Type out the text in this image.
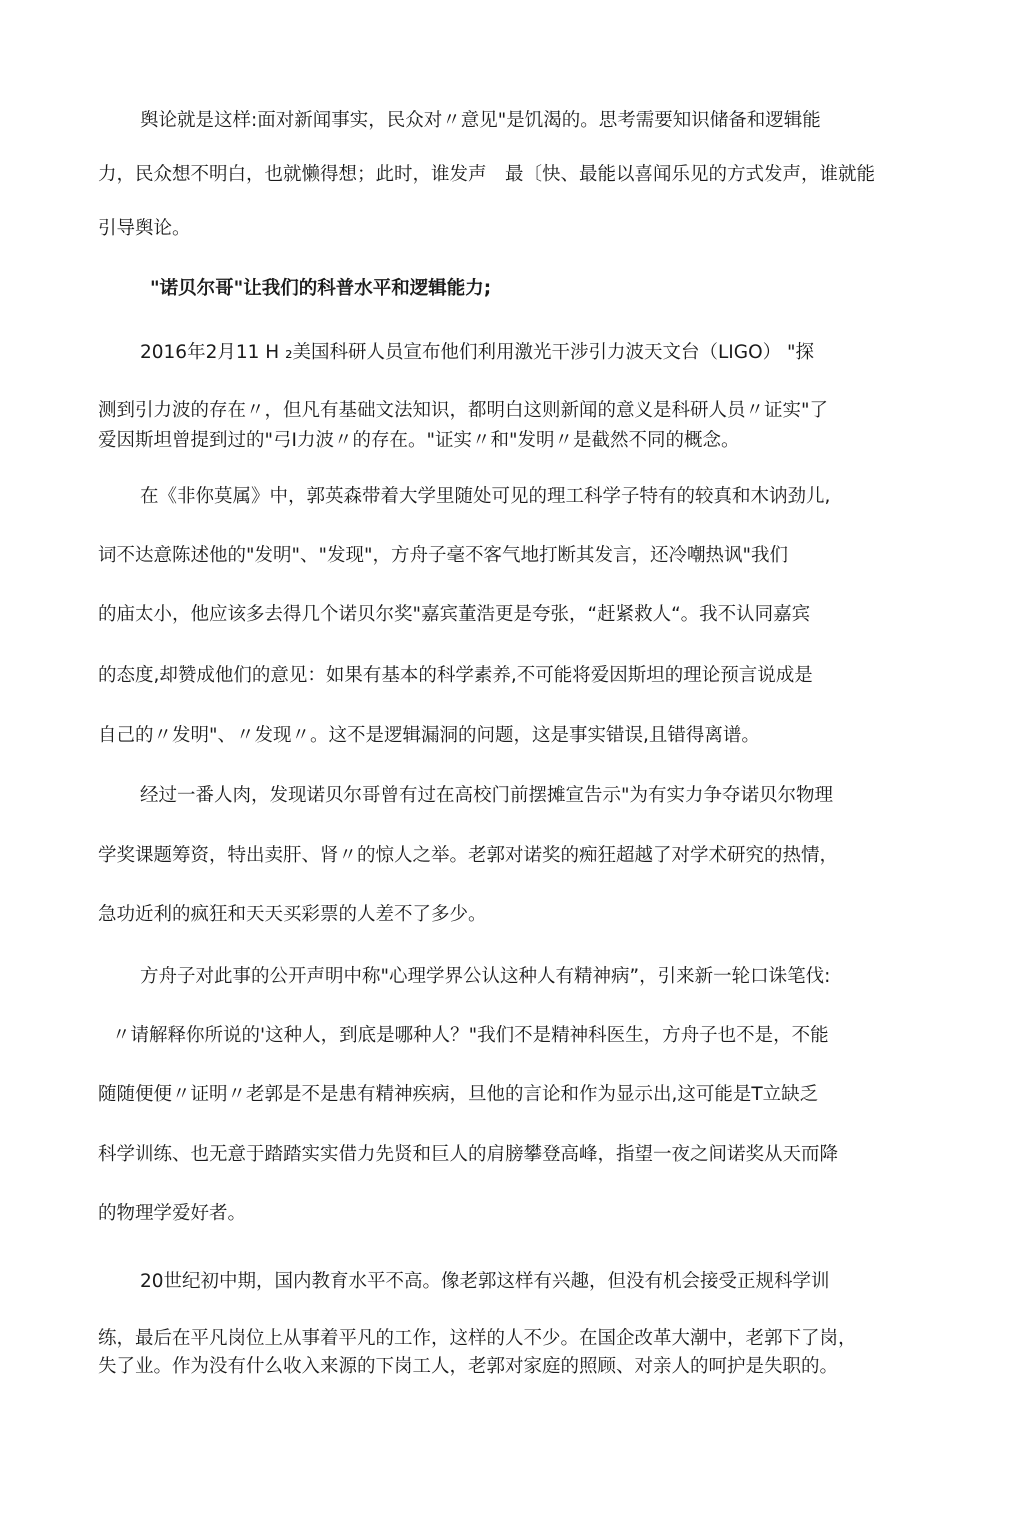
舆论就是这样:面对新闻事实，民众对〃意见"是饥渴的。思考需要知识储备和逻辑能
力，民众想不明白，也就懒得想；此时，谁发声　最〔快、最能以喜闻乐见的方式发声，谁就能
引导舆论。
"诺贝尔哥"让我们的科普水平和逻辑能力;
2016年2月11 H ₂美国科研人员宣布他们利用激光干涉引力波天文台（LIGO） "探
测到引力波的存在〃，但凡有基础文法知识，都明白这则新闻的意义是科研人员〃证实"了
爱因斯坦曾提到过的"弓I力波〃的存在。"证实〃和"发明〃是截然不同的概念。
在《非你莫属》中，郭英森带着大学里随处可见的理工科学子特有的较真和木讷劲儿,
词不达意陈述他的"发明"、"发现"，方舟子毫不客气地打断其发言，还冷嘲热讽"我们
的庙太小，他应该多去得几个诺贝尔奖"嘉宾董浩更是夸张，“赶紧救人“。我不认同嘉宾
的态度,却赞成他们的意见：如果有基本的科学素养,不可能将爱因斯坦的理论预言说成是
自己的〃发明"、〃发现〃。这不是逻辑漏洞的问题，这是事实错误,且错得离谱。
经过一番人肉，发现诺贝尔哥曾有过在高校门前摆摊宣告示"为有实力争夺诺贝尔物理
学奖课题筹资，特出卖肝、肾〃的惊人之举。老郭对诺奖的痴狂超越了对学术研究的热情，
急功近利的疯狂和天天买彩票的人差不了多少。
方舟子对此事的公开声明中称"心理学界公认这种人有精神病”，引来新一轮口诛笔伐:
〃请解释你所说的'这种人，到底是哪种人？"我们不是精神科医生，方舟子也不是，不能
随随便便〃证明〃老郭是不是患有精神疾病，旦他的言论和作为显示出,这可能是T立缺乏
科学训练、也无意于踏踏实实借力先贤和巨人的肩膀攀登高峰，指望一夜之间诺奖从天而降
的物理学爱好者。
20世纪初中期，国内教育水平不高。像老郭这样有兴趣，但没有机会接受正规科学训
练，最后在平凡岗位上从事着平凡的工作，这样的人不少。在国企改革大潮中，老郭下了岗，
失了业。作为没有什么收入来源的下岗工人，老郭对家庭的照顾、对亲人的呵护是失职的。
